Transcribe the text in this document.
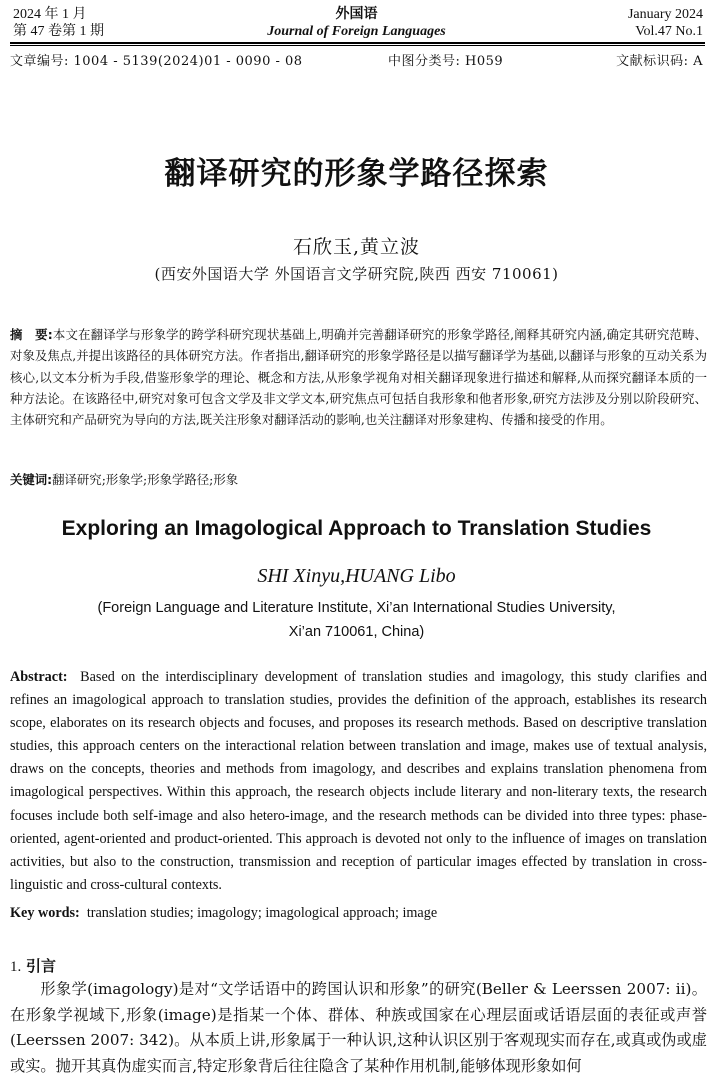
2024 年 1 月
第 47 卷第 1 期
外国语
Journal of Foreign Languages
January 2024
Vol.47 No.1
文章编号: 1004 - 5139(2024)01 - 0090 - 08	中图分类号: H059	文献标识码: A
翻译研究的形象学路径探索
石欣玉,黄立波
(西安外国语大学 外国语言文学研究院,陕西 西安 710061)
摘　要:本文在翻译学与形象学的跨学科研究现状基础上,明确并完善翻译研究的形象学路径,阐释其研究内涵,确定其研究范畴、对象及焦点,并提出该路径的具体研究方法。作者指出,翻译研究的形象学路径是以描写翻译学为基础,以翻译与形象的互动关系为核心,以文本分析为手段,借鉴形象学的理论、概念和方法,从形象学视角对相关翻译现象进行描述和解释,从而探究翻译本质的一种方法论。在该路径中,研究对象可包含文学及非文学文本,研究焦点可包括自我形象和他者形象,研究方法涉及分别以阶段研究、主体研究和产品研究为导向的方法,既关注形象对翻译活动的影响,也关注翻译对形象建构、传播和接受的作用。
关键词:翻译研究;形象学;形象学路径;形象
Exploring an Imagological Approach to Translation Studies
SHI Xinyu,HUANG Libo
(Foreign Language and Literature Institute, Xi’an International Studies University,
Xi’an 710061, China)
Abstract: Based on the interdisciplinary development of translation studies and imagology, this study clarifies and refines an imagological approach to translation studies, provides the definition of the approach, establishes its research scope, elaborates on its research objects and focuses, and proposes its research methods. Based on descriptive translation studies, this approach centers on the interactional relation between translation and image, makes use of textual analysis, draws on the concepts, theories and methods from imagology, and describes and explains translation phenomena from imagological perspectives. Within this approach, the research objects include literary and non-literary texts, the research focuses include both self-image and also hetero-image, and the research methods can be divided into three types: phase-oriented, agent-oriented and product-oriented. This approach is devoted not only to the influence of images on translation activities, but also to the construction, transmission and reception of particular images effected by translation in cross-linguistic and cross-cultural contexts.
Key words: translation studies; imagology; imagological approach; image
1. 引言
形象学(imagology)是对“文学话语中的跨国认识和形象”的研究(Beller & Leerssen 2007: ii)。在形象学视域下,形象(image)是指某一个体、群体、种族或国家在心理层面或话语层面的表征或声誉(Leerssen 2007: 342)。从本质上讲,形象属于一种认识,这种认识区别于客观现实而存在,或真或伪或虚或实。抛开其真伪虚实而言,特定形象背后往往隐含了某种作用机制,能够体现形象如何
